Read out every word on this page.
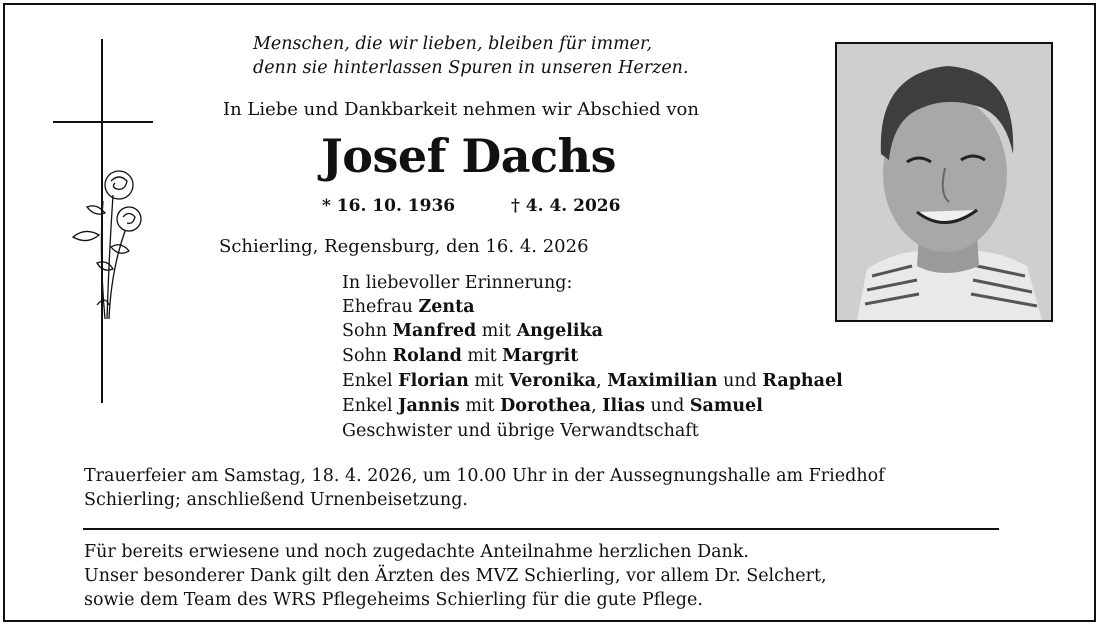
Menschen, die wir lieben, bleiben für immer,
denn sie hinterlassen Spuren in unseren Herzen.
In Liebe und Dankbarkeit nehmen wir Abschied von
Josef Dachs
* 16. 10. 1936	† 4. 4. 2026
Schierling, Regensburg, den 16. 4. 2026
In liebevoller Erinnerung:
Ehefrau Zenta
Sohn Manfred mit Angelika
Sohn Roland mit Margrit
Enkel Florian mit Veronika, Maximilian und Raphael
Enkel Jannis mit Dorothea, Ilias und Samuel
Geschwister und übrige Verwandtschaft
Trauerfeier am Samstag, 18. 4. 2026, um 10.00 Uhr in der Aussegnungshalle am Friedhof
Schierling; anschließend Urnenbeisetzung.
Für bereits erwiesene und noch zugedachte Anteilnahme herzlichen Dank.
Unser besonderer Dank gilt den Ärzten des MVZ Schierling, vor allem Dr. Selchert,
sowie dem Team des WRS Pflegeheims Schierling für die gute Pflege.
